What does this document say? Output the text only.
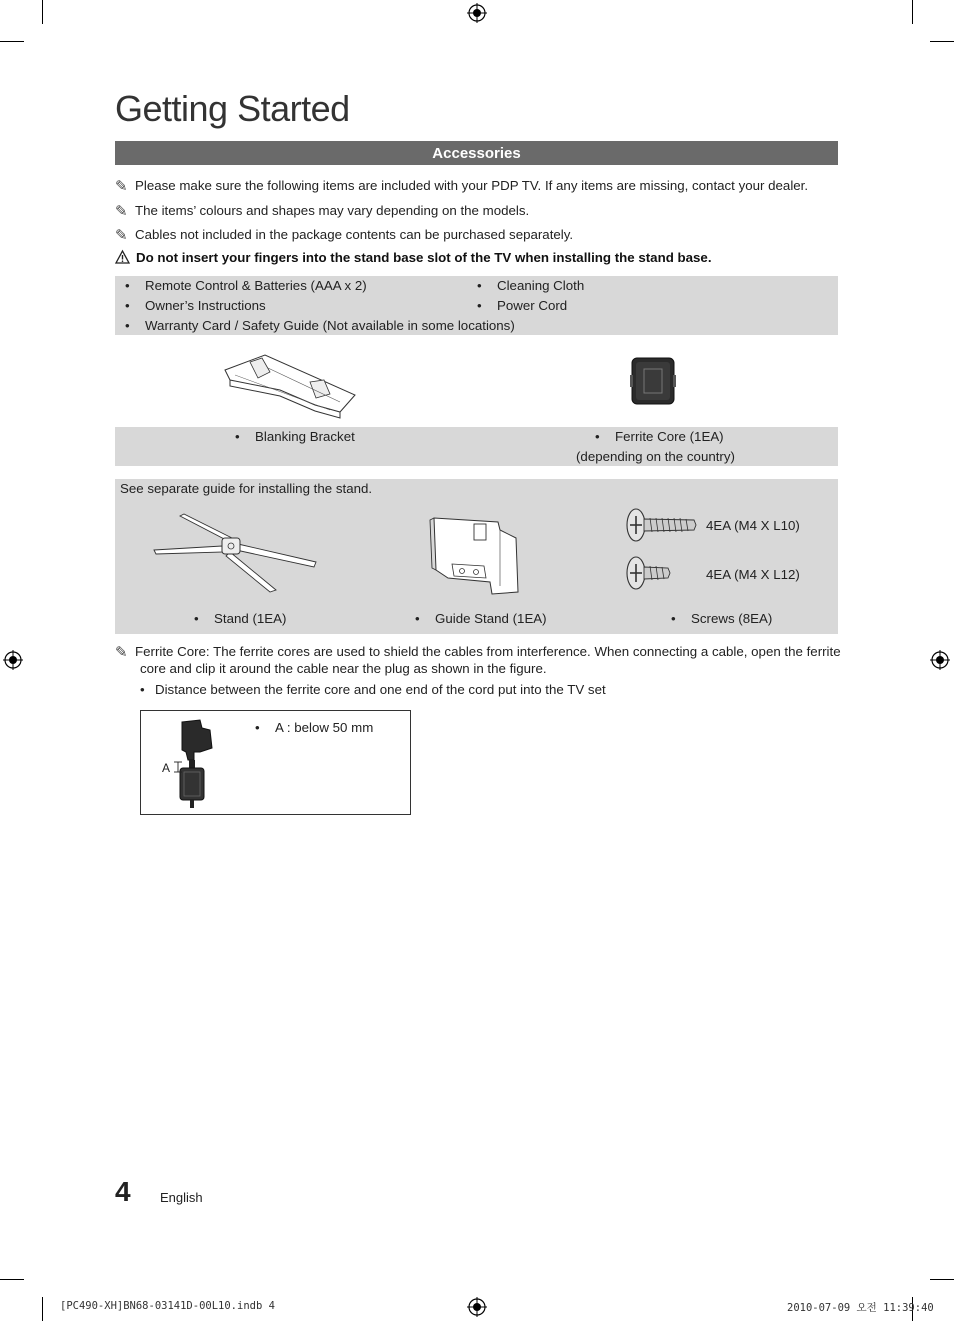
Getting Started
Accessories
✎ Please make sure the following items are included with your PDP TV. If any items are missing, contact your dealer.
✎ The items’ colours and shapes may vary depending on the models.
✎ Cables not included in the package contents can be purchased separately.
Do not insert your fingers into the stand base slot of the TV when installing the stand base.
• Remote Control & Batteries (AAA x 2)
• Owner’s Instructions
• Warranty Card / Safety Guide (Not available in some locations)
• Cleaning Cloth
• Power Cord
• Blanking Bracket	• Ferrite Core (1EA)
(depending on the country)
See separate guide for installing the stand.
4EA (M4 X L10)
4EA (M4 X L12)
• Stand (1EA)	• Guide Stand (1EA)	• Screws (8EA)
✎ Ferrite Core: The ferrite cores are used to shield the cables from interference. When connecting a cable, open the ferrite
core and clip it around the cable near the plug as shown in the figure.
• Distance between the ferrite core and one end of the cord put into the TV set
A
• A : below 50 mm
4 English
[PC490-XH]BN68-03141D-00L10.indb 4	2010-07-09 오전 11:39:40
